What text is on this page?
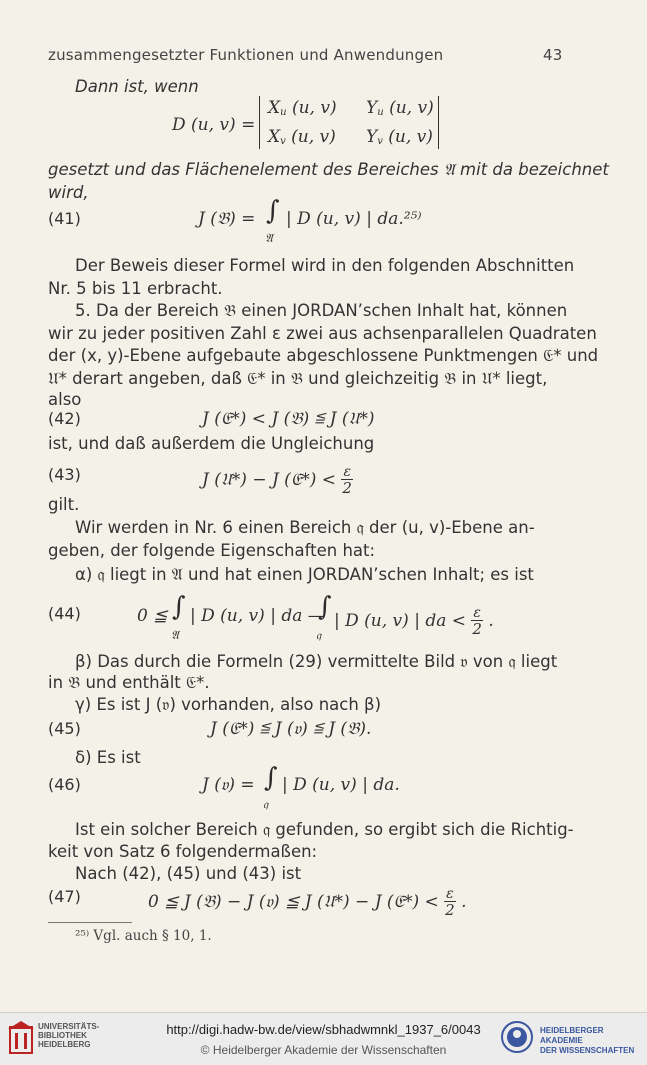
zusammengesetzter Funktionen und Anwendungen	43
Dann ist, wenn
D (u, v) =
$X_u$ (u, v) $Y_u$ (u, v)
$X_v$ (u, v) $Y_v$ (u, v)
gesetzt und das Flächenelement des Bereiches 𝔄 mit da bezeichnet
wird,
(41)	J (𝔅) = ∫ | D (u, v) | da.²⁵⁾
𝔄
Der Beweis dieser Formel wird in den folgenden Abschnitten
Nr. 5 bis 11 erbracht.
5. Da der Bereich 𝔅 einen JORDAN’schen Inhalt hat, können
wir zu jeder positiven Zahl ε zwei aus achsenparallelen Quadraten
der (x, y)-Ebene aufgebaute abgeschlossene Punktmengen 𝔈* und
𝔘* derart angeben, daß 𝔈* in 𝔅 und gleichzeitig 𝔅 in 𝔘* liegt,
also
(42)	J (𝔈*) < J (𝔅) ≦ J (𝔘*)
ist, und daß außerdem die Ungleichung
(43)	J (𝔘*) − J (𝔈*) < $\frac{\varepsilon}{2}$
gilt.
Wir werden in Nr. 6 einen Bereich 𝔮 der (u, v)-Ebene an-
geben, der folgende Eigenschaften hat:
α) 𝔮 liegt in 𝔄 und hat einen JORDAN’schen Inhalt; es ist
(44)	0 ≦ ∫ | D (u, v) | da —
𝔄
∫ | D (u, v) | da < $\frac{\varepsilon}{2}$ .
𝔮
β) Das durch die Formeln (29) vermittelte Bild 𝔳 von 𝔮 liegt
in 𝔅 und enthält 𝔈*.
γ) Es ist J (𝔳) vorhanden, also nach β)
(45)	J (𝔈*) ≦ J (𝔳) ≦ J (𝔅).
δ) Es ist
(46)	J (𝔳) = ∫ | D (u, v) | da.
𝔮
Ist ein solcher Bereich 𝔮 gefunden, so ergibt sich die Richtig-
keit von Satz 6 folgendermaßen:
Nach (42), (45) und (43) ist
(47)	0 ≦ J (𝔅) − J (𝔳) ≦ J (𝔘*) − J (𝔈*) < $\frac{\varepsilon}{2}$ .
²⁵⁾ Vgl. auch § 10, 1.
UNIVERSITÄTS-
BIBLIOTHEK
HEIDELBERG
http://digi.hadw-bw.de/view/sbhadwmnkl_1937_6/0043
© Heidelberger Akademie der Wissenschaften
HEIDELBERGER AKADEMIE
DER WISSENSCHAFTEN
